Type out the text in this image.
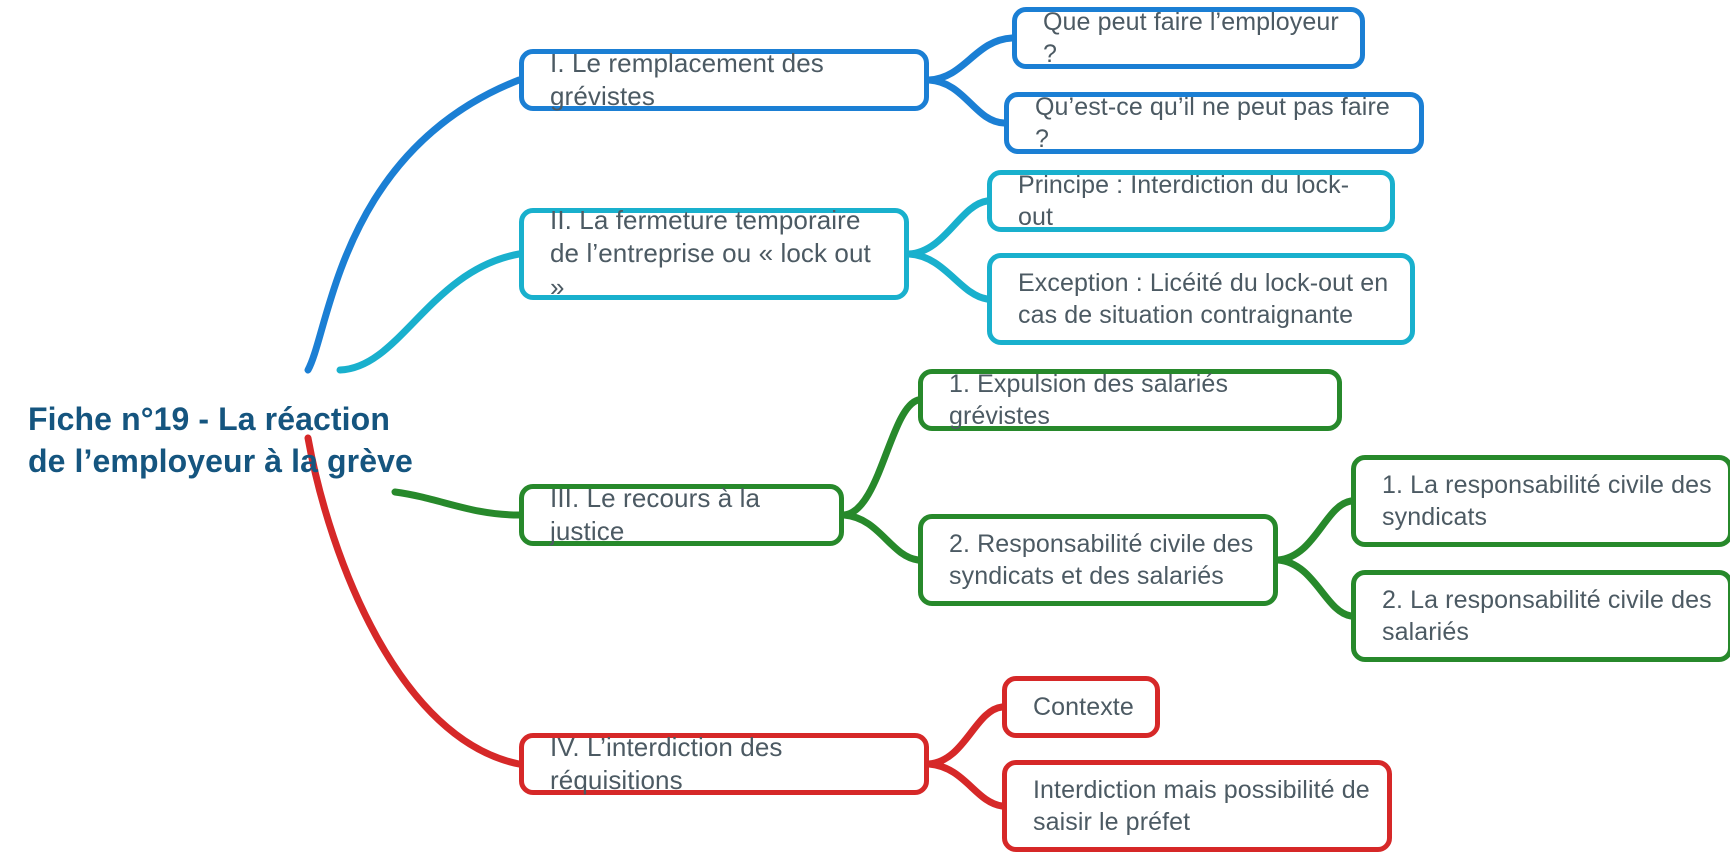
Fiche n°19 - La réaction de l’employeur à la grève
I. Le remplacement des grévistes
Que peut faire l’employeur ?
Qu’est-ce qu’il ne peut pas faire ?
II. La fermeture temporaire de l’entreprise ou « lock out »
Principe : Interdiction du lock-out
Exception : Licéité du lock-out en cas de situation contraignante
III. Le recours à la justice
1. Expulsion des salariés grévistes
2. Responsabilité civile des syndicats et des salariés
1. La responsabilité civile des syndicats
2. La responsabilité civile des salariés
IV. L’interdiction des réquisitions
Contexte
Interdiction mais possibilité de saisir le préfet
